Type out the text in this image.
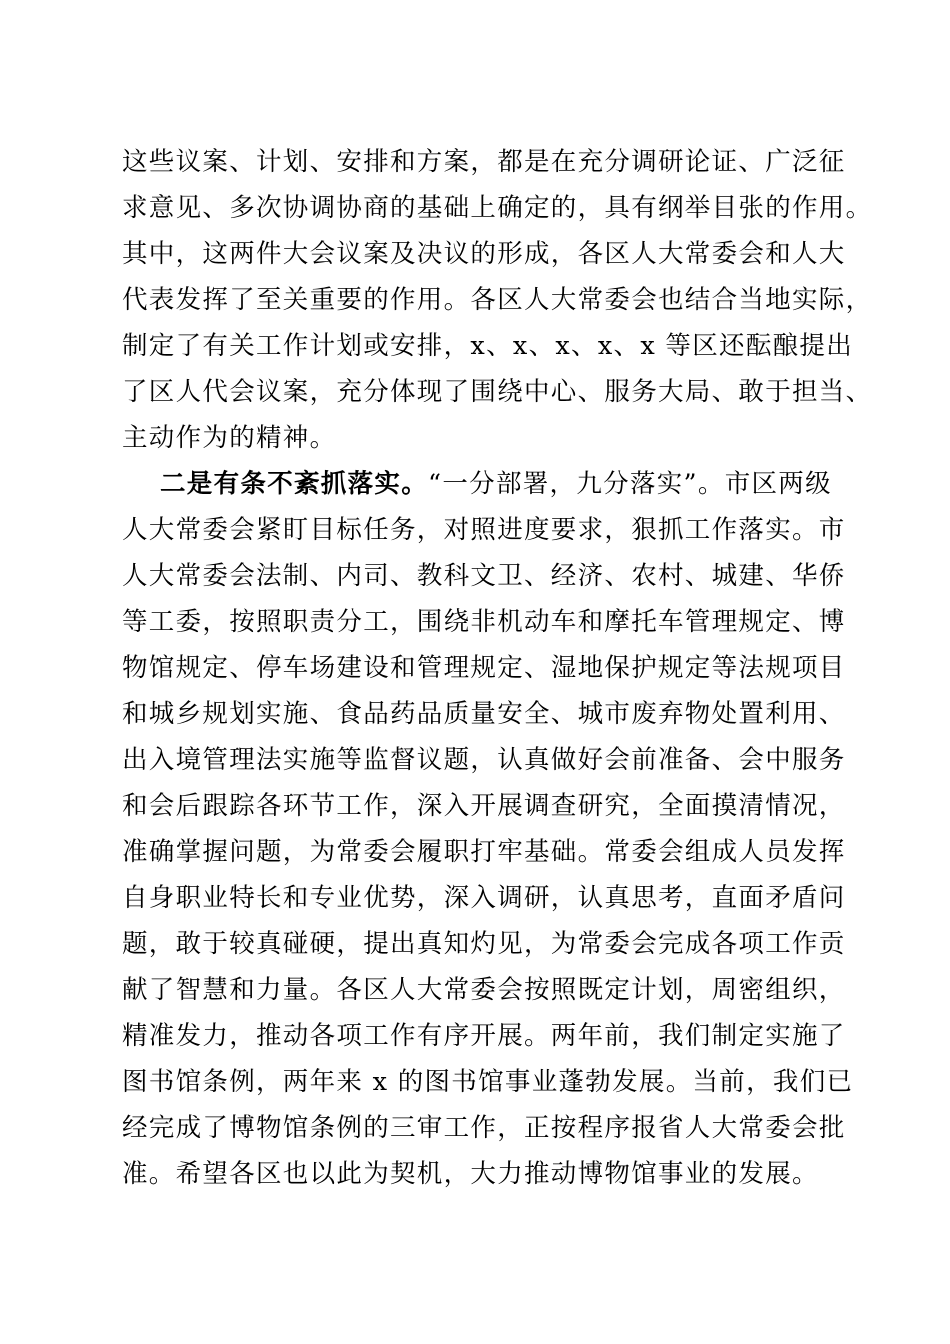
这些议案、计划、安排和方案，都是在充分调研论证、广泛征
求意见、多次协调协商的基础上确定的，具有纲举目张的作用。
其中，这两件大会议案及决议的形成，各区人大常委会和人大
代表发挥了至关重要的作用。各区人大常委会也结合当地实际，
制定了有关工作计划或安排，x、x、x、x、x 等区还酝酿提出
了区人代会议案，充分体现了围绕中心、服务大局、敢于担当、
主动作为的精神。
二是有条不紊抓落实。“一分部署，九分落实”。市区两级
人大常委会紧盯目标任务，对照进度要求，狠抓工作落实。市
人大常委会法制、内司、教科文卫、经济、农村、城建、华侨
等工委，按照职责分工，围绕非机动车和摩托车管理规定、博
物馆规定、停车场建设和管理规定、湿地保护规定等法规项目
和城乡规划实施、食品药品质量安全、城市废弃物处置利用、
出入境管理法实施等监督议题，认真做好会前准备、会中服务
和会后跟踪各环节工作，深入开展调查研究，全面摸清情况，
准确掌握问题，为常委会履职打牢基础。常委会组成人员发挥
自身职业特长和专业优势，深入调研，认真思考，直面矛盾问
题，敢于较真碰硬，提出真知灼见，为常委会完成各项工作贡
献了智慧和力量。各区人大常委会按照既定计划，周密组织，
精准发力，推动各项工作有序开展。两年前，我们制定实施了
图书馆条例，两年来 x 的图书馆事业蓬勃发展。当前，我们已
经完成了博物馆条例的三审工作，正按程序报省人大常委会批
准。希望各区也以此为契机，大力推动博物馆事业的发展。
